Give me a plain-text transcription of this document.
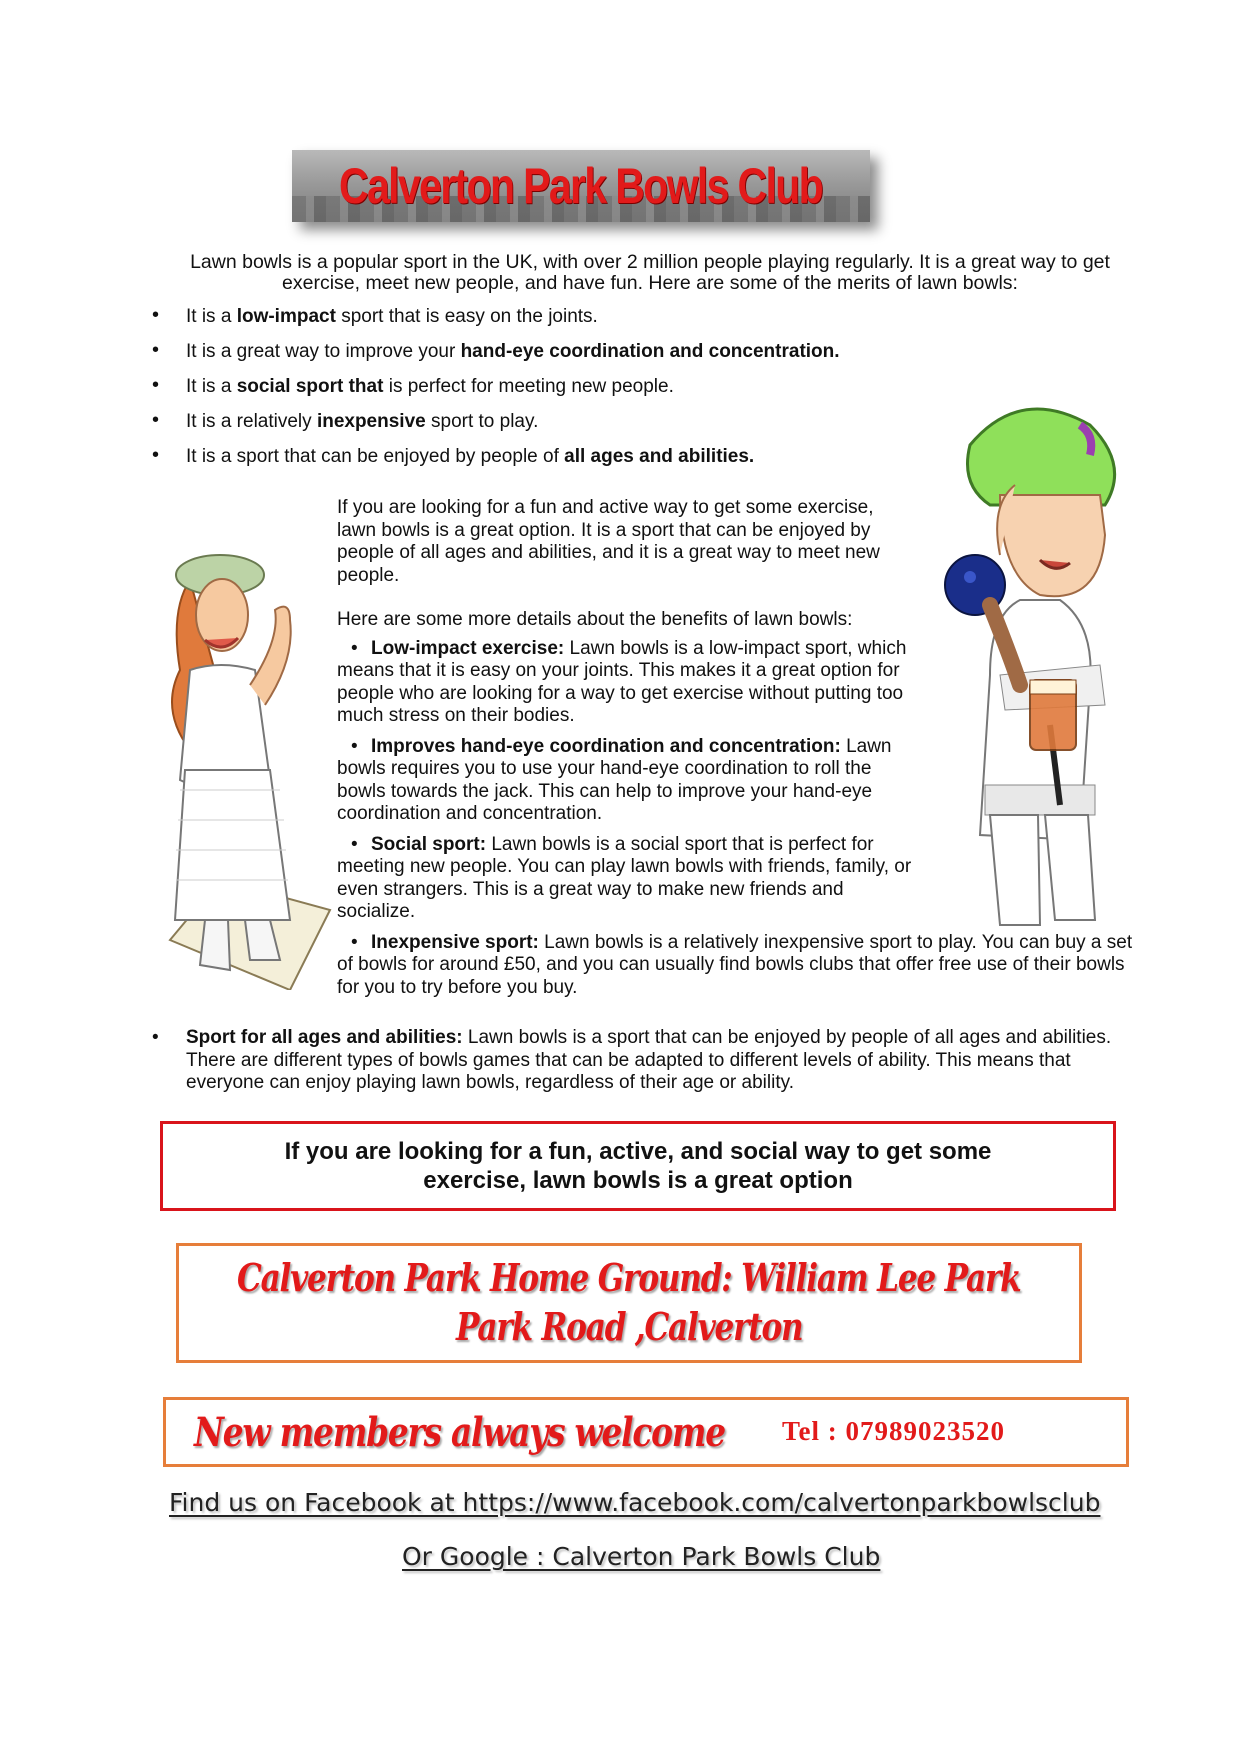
Calverton Park Bowls Club
Lawn bowls is a popular sport in the UK, with over 2 million people playing regularly. It is a great way to get exercise, meet new people, and have fun. Here are some of the merits of lawn bowls:
• It is a low-impact sport that is easy on the joints.
• It is a great way to improve your hand-eye coordination and concentration.
• It is a social sport that is perfect for meeting new people.
• It is a relatively inexpensive sport to play.
• It is a sport that can be enjoyed by people of all ages and abilities.

If you are looking for a fun and active way to get some exercise, lawn bowls is a great option. It is a sport that can be enjoyed by people of all ages and abilities, and it is a great way to meet new people.

Here are some more details about the benefits of lawn bowls:

• Low-impact exercise: Lawn bowls is a low-impact sport, which means that it is easy on your joints. This makes it a great option for people who are looking for a way to get exercise without putting too much stress on their bodies.
• Improves hand-eye coordination and concentration: Lawn bowls requires you to use your hand-eye coordination to roll the bowls towards the jack. This can help to improve your hand-eye coordination and concentration.
• Social sport: Lawn bowls is a social sport that is perfect for meeting new people. You can play lawn bowls with friends, family, or even strangers. This is a great way to make new friends and socialize.
• Inexpensive sport: Lawn bowls is a relatively inexpensive sport to play. You can buy a set of bowls for around £50, and you can usually find bowls clubs that offer free use of their bowls for you to try before you buy.
• Sport for all ages and abilities: Lawn bowls is a sport that can be enjoyed by people of all ages and abilities. There are different types of bowls games that can be adapted to different levels of ability. This means that everyone can enjoy playing lawn bowls, regardless of their age or ability.
If you are looking for a fun, active, and social way to get some exercise, lawn bowls is a great option
Calverton Park Home Ground: William Lee Park
Park Road ,Calverton
New members always welcome Tel : 07989023520
Find us on Facebook at https://www.facebook.com/calvertonparkbowlsclub
Or Google : Calverton Park Bowls Club
